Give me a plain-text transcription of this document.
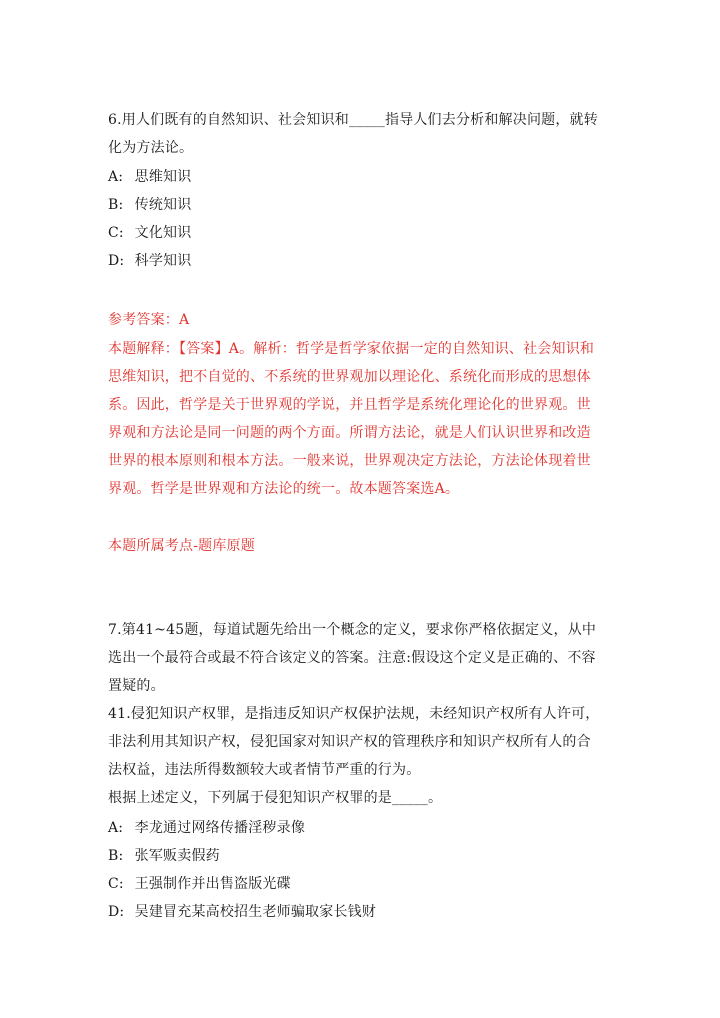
6.用人们既有的自然知识、社会知识和_____指导人们去分析和解决问题，就转
化为方法论。
A: 思维知识
B: 传统知识
C: 文化知识
D: 科学知识
参考答案：A
本题解释：【答案】A。解析：哲学是哲学家依据一定的自然知识、社会知识和
思维知识，把不自觉的、不系统的世界观加以理论化、系统化而形成的思想体
系。因此，哲学是关于世界观的学说，并且哲学是系统化理论化的世界观。世
界观和方法论是同一问题的两个方面。所谓方法论，就是人们认识世界和改造
世界的根本原则和根本方法。一般来说，世界观决定方法论，方法论体现着世
界观。哲学是世界观和方法论的统一。故本题答案选A。
本题所属考点-题库原题
7.第41~45题，每道试题先给出一个概念的定义，要求你严格依据定义，从中
选出一个最符合或最不符合该定义的答案。注意:假设这个定义是正确的、不容
置疑的。
41.侵犯知识产权罪，是指违反知识产权保护法规，未经知识产权所有人许可，
非法利用其知识产权，侵犯国家对知识产权的管理秩序和知识产权所有人的合
法权益，违法所得数额较大或者情节严重的行为。
根据上述定义，下列属于侵犯知识产权罪的是_____。
A: 李龙通过网络传播淫秽录像
B: 张军贩卖假药
C: 王强制作并出售盗版光碟
D: 吴建冒充某高校招生老师骗取家长钱财
